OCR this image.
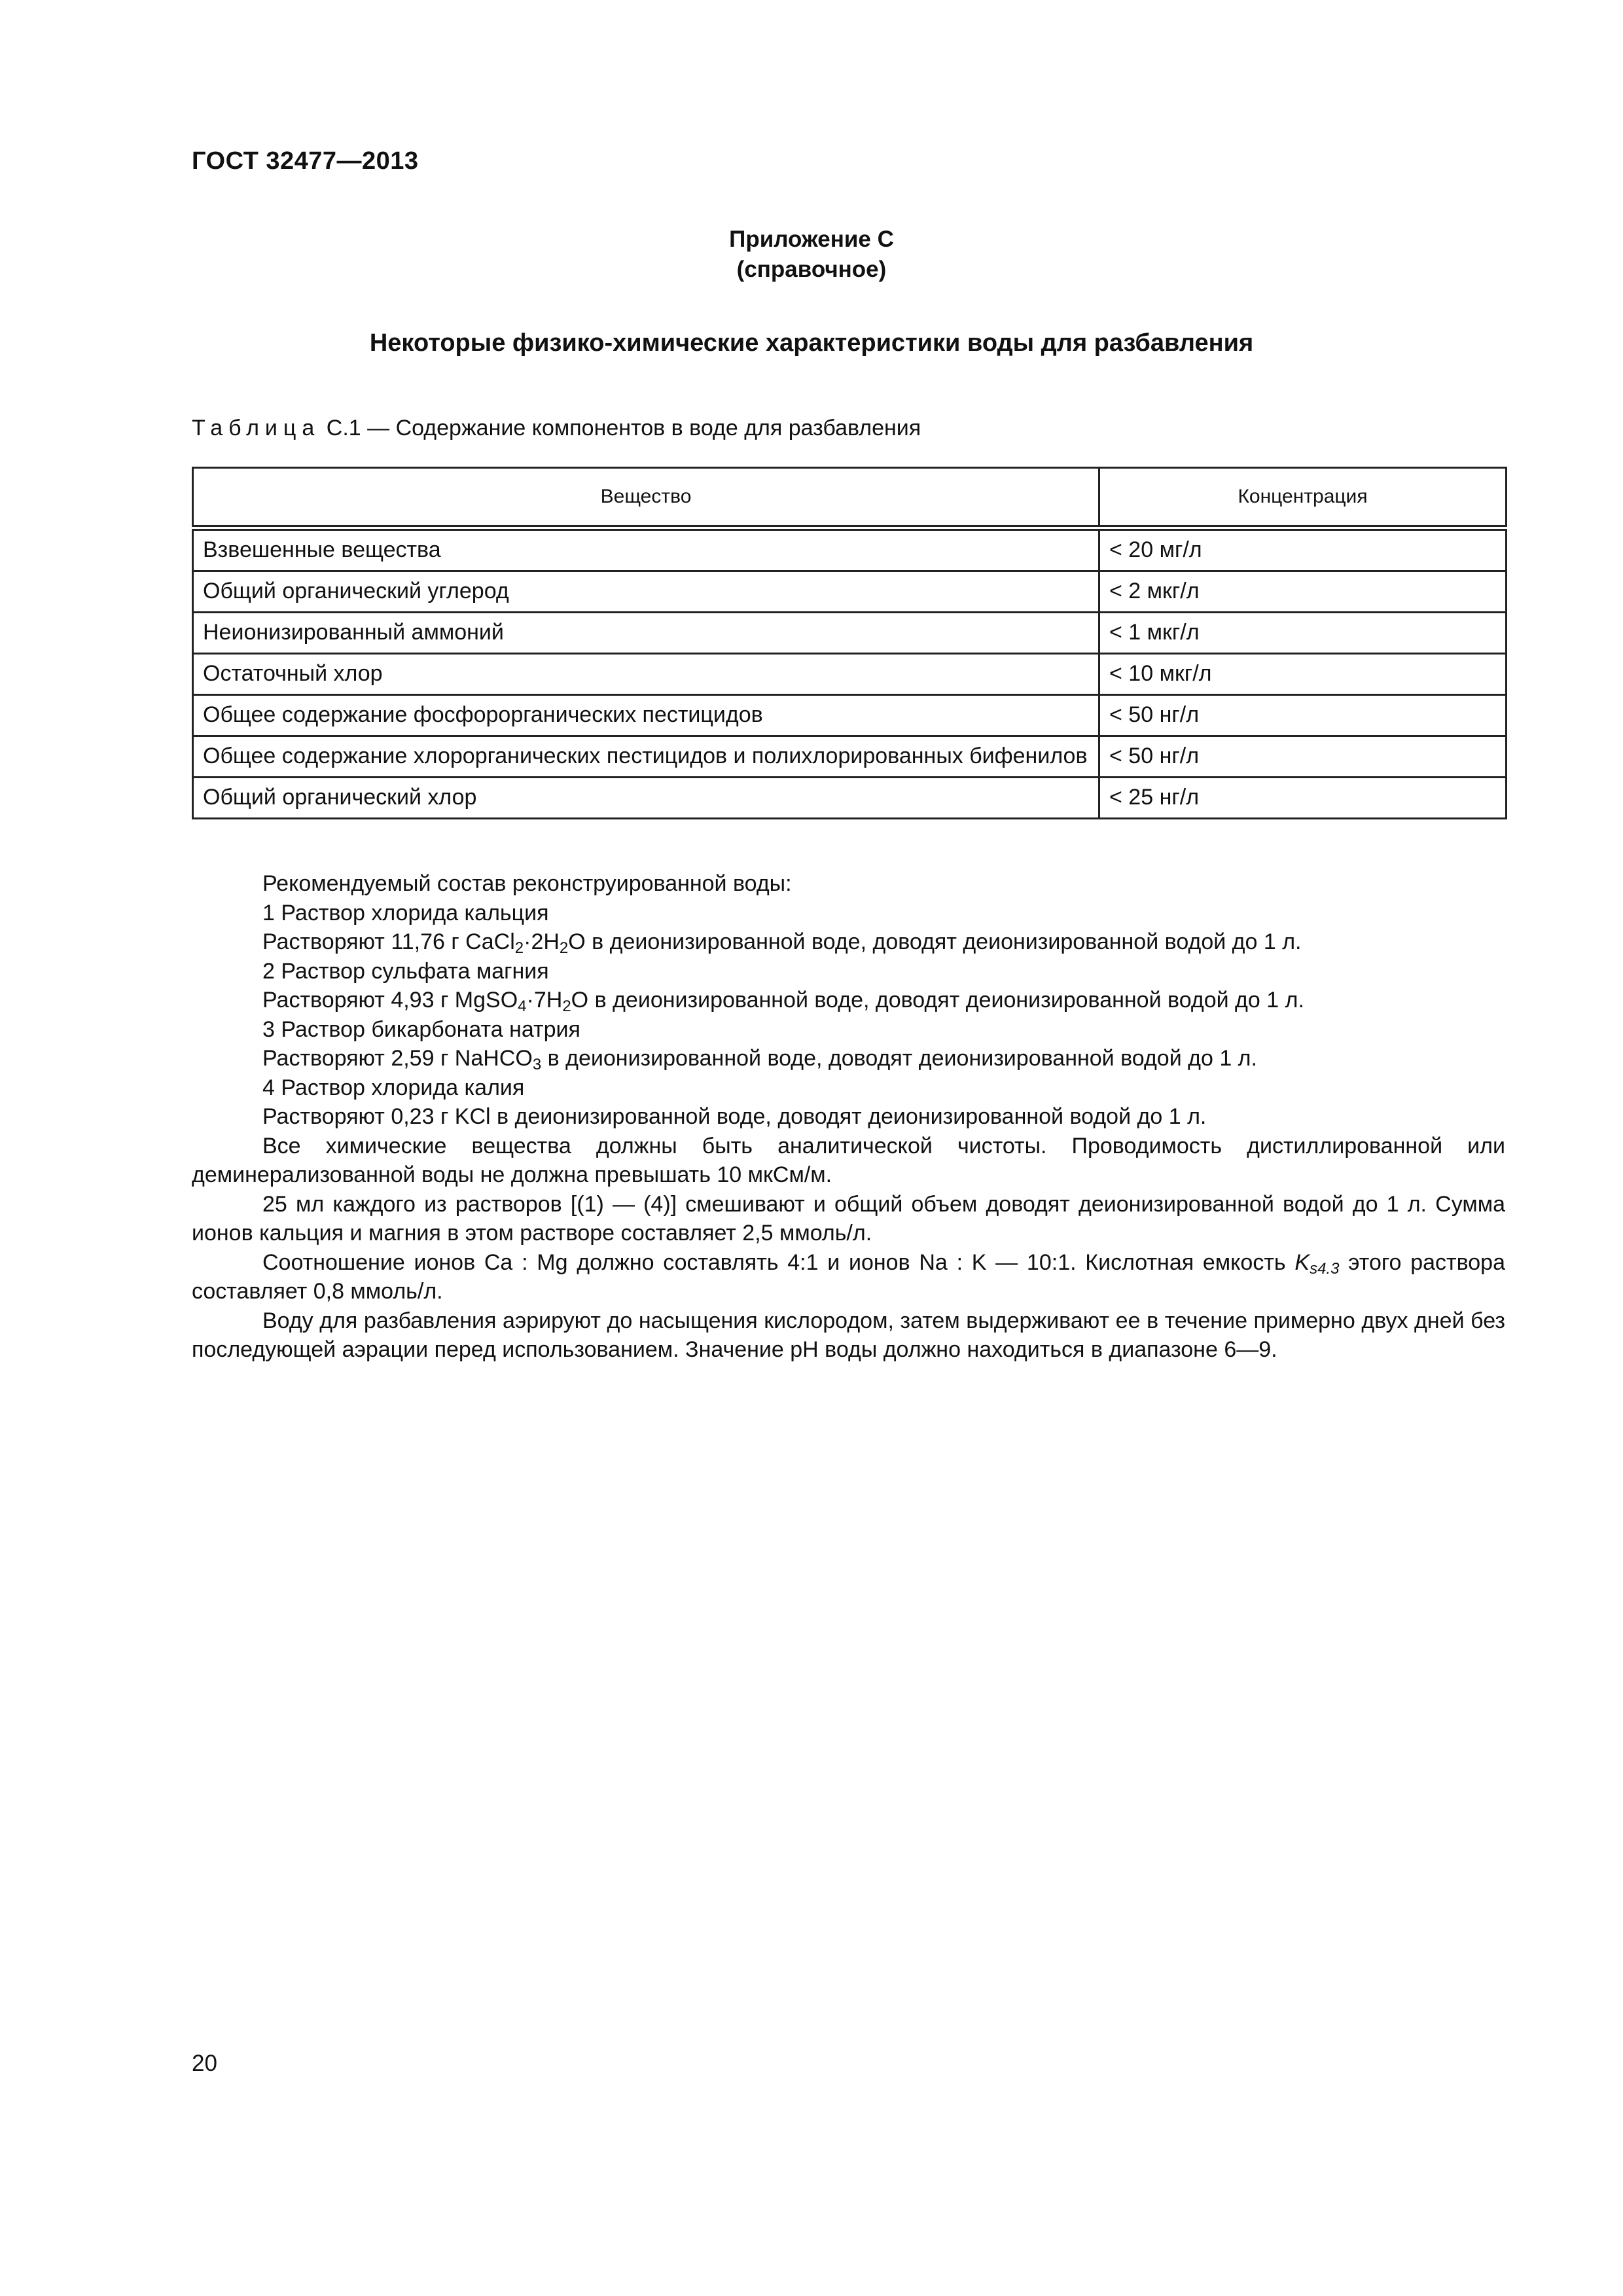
ГОСТ 32477—2013
Приложение С
(справочное)
Некоторые физико-химические характеристики воды для разбавления
Таблица С.1 — Содержание компонентов в воде для разбавления
Вещество	Концентрация
Взвешенные вещества	< 20 мг/л
Общий органический углерод	< 2 мкг/л
Неионизированный аммоний	< 1 мкг/л
Остаточный хлор	< 10 мкг/л
Общее содержание фосфорорганических пестицидов	< 50 нг/л
Общее содержание хлорорганических пестицидов и полихлорированных бифенилов	< 50 нг/л
Общий органический хлор	< 25 нг/л

Рекомендуемый состав реконструированной воды:

1 Раствор хлорида кальция

Растворяют 11,76 г $CaCl_2\cdot 2H_2O$ в деионизированной воде, доводят деионизированной водой до 1 л.

2 Раствор сульфата магния

Растворяют 4,93 г $MgSO_4\cdot 7H_2O$ в деионизированной воде, доводят деионизированной водой до 1 л.

3 Раствор бикарбоната натрия

Растворяют 2,59 г NaHCO$_3$ в деионизированной воде, доводят деионизированной водой до 1 л.

4 Раствор хлорида калия

Растворяют 0,23 г KCl в деионизированной воде, доводят деионизированной водой до 1 л.

Все химические вещества должны быть аналитической чистоты. Проводимость дистиллированной или деминерализованной воды не должна превышать 10 мкСм/м.

25 мл каждого из растворов [(1) — (4)] смешивают и общий объем доводят деионизированной водой до 1 л. Сумма ионов кальция и магния в этом растворе составляет 2,5 ммоль/л.

Соотношение ионов Ca : Mg должно составлять 4:1 и ионов Na : K — 10:1. Кислотная емкость $K_{s4.3}$ этого раствора составляет 0,8 ммоль/л.

Воду для разбавления аэрируют до насыщения кислородом, затем выдерживают ее в течение примерно двух дней без последующей аэрации перед использованием. Значение pH воды должно находиться в диапазоне 6—9.

20
